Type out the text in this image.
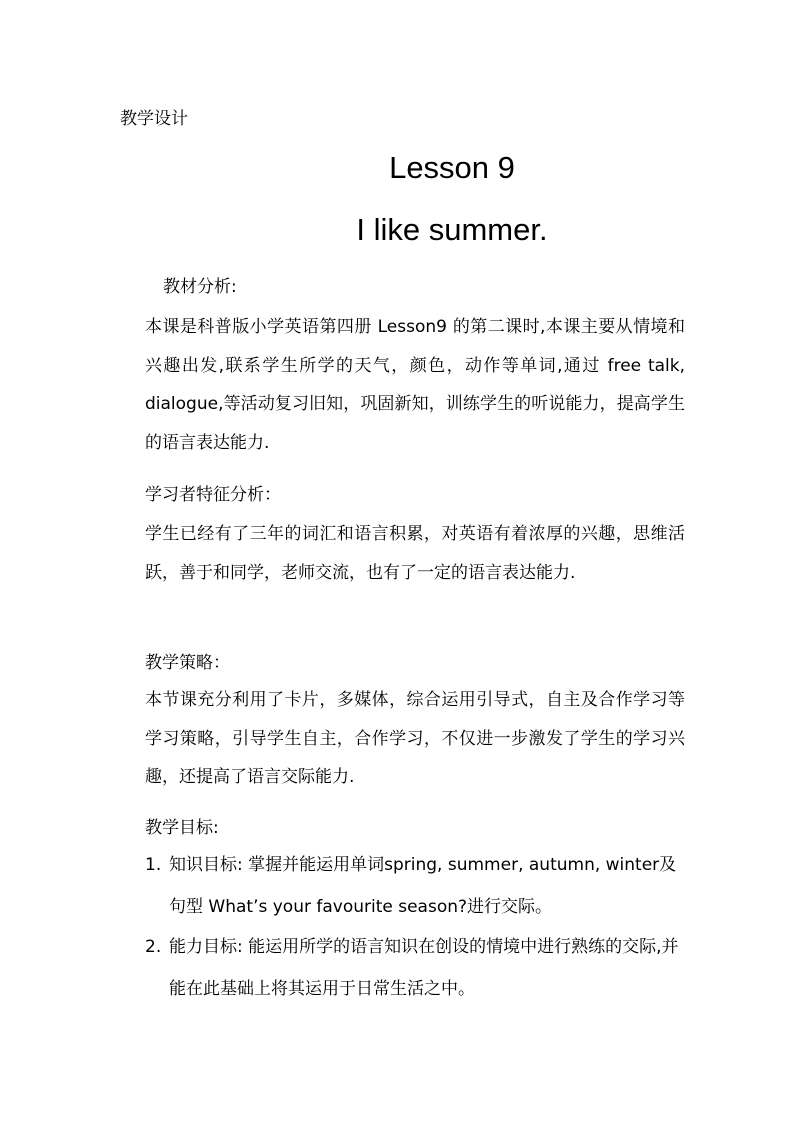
教学设计
Lesson 9
I like summer.
教材分析:
本课是科普版小学英语第四册 Lesson9 的第二课时,本课主要从情境和兴趣出发,联系学生所学的天气，颜色，动作等单词,通过 free talk, dialogue,等活动复习旧知，巩固新知，训练学生的听说能力，提高学生的语言表达能力.
学习者特征分析：
学生已经有了三年的词汇和语言积累，对英语有着浓厚的兴趣，思维活跃，善于和同学，老师交流，也有了一定的语言表达能力.
教学策略：
本节课充分利用了卡片，多媒体，综合运用引导式，自主及合作学习等学习策略，引导学生自主，合作学习，不仅进一步激发了学生的学习兴趣，还提高了语言交际能力.
教学目标:
1. 知识目标: 掌握并能运用单词spring, summer, autumn, winter及句型 What’s your favourite season?进行交际。
2. 能力目标: 能运用所学的语言知识在创设的情境中进行熟练的交际,并能在此基础上将其运用于日常生活之中。
